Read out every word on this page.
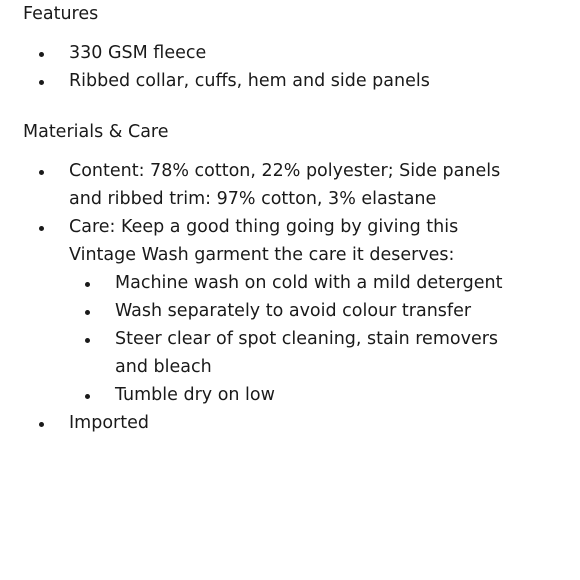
Features
330 GSM fleece
Ribbed collar, cuffs, hem and side panels
Materials & Care
Content: 78% cotton, 22% polyester; Side panels and ribbed trim: 97% cotton, 3% elastane
Care: Keep a good thing going by giving this Vintage Wash garment the care it deserves:
Machine wash on cold with a mild detergent
Wash separately to avoid colour transfer
Steer clear of spot cleaning, stain removers and bleach
Tumble dry on low
Imported
